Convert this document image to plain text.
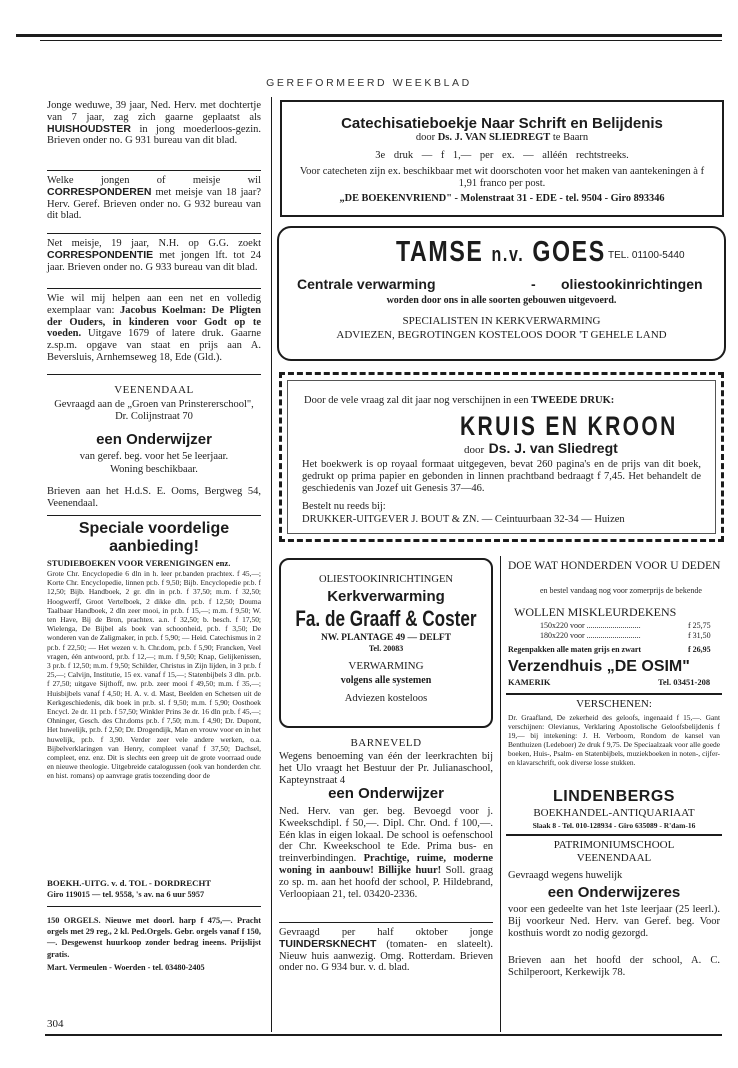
GEREFORMEERD WEEKBLAD
Jonge weduwe, 39 jaar, Ned. Herv. met dochtertje van 7 jaar, zag zich gaarne geplaatst als HUISHOUDSTER in jong moederloos-gezin. Brieven onder no. G 931 bureau van dit blad.
Welke jongen of meisje wil CORRESPONDEREN met meisje van 18 jaar? Herv. Geref. Brieven onder no. G 932 bureau van dit blad.
Net meisje, 19 jaar, N.H. op G.G. zoekt CORRESPONDENTIE met jongen lft. tot 24 jaar. Brieven onder no. G 933 bureau van dit blad.
Wie wil mij helpen aan een net en volledig exemplaar van: Jacobus Koelman: De Pligten der Ouders, in kinderen voor Godt op te voeden. Uitgave 1679 of latere druk. Gaarne z.sp.m. opgave van staat en prijs aan A. Beversluis, Arnhemseweg 18, Ede (Gld.).
VEENENDAAL
Gevraagd aan de „Groen van Prinstererschool", Dr. Colijnstraat 70
een Onderwijzer
van geref. beg. voor het 5e leerjaar.
Woning beschikbaar.
Brieven aan het H.d.S. E. Ooms, Bergweg 54, Veenendaal.
Speciale voordelige
aanbieding!
STUDIEBOEKEN VOOR VERENIGINGEN enz.
Grote Chr. Encyclopedie 6 dln in h. leer pr.banden prachtex. f 45,—; Korte Chr. Encyclopedie, linnen pr.b. f 9,50; Bijb. Encyclopedie pr.b. f 12,50; Bijb. Handboek, 2 gr. dln in pr.b. f 37,50; m.m. f 32,50; Hoogwerff, Groot Vertelboek, 2 dikke dln. pr.b. f 12,50; Douma Taalbaar Handboek, 2 dln zeer mooi, in pr.b. f 15,—; m.m. f 9,50; W. ten Have, Bij de Bron, prachtex. a.n. f 32,50; b. besch. f 17,50; Wielenga, De Bijbel als boek van schoonheid, pr.b. f 3,50; De wonderen van de Zaligmaker, in pr.b. f 5,90; — Heid. Catechismus in 2 pr.b. f 22,50; — Het wezen v. h. Chr.dom, pr.b. f 5,90; Francken, Veel vragen, één antwoord, pr.b. f 12,—; m.m. f 9,50; Knap, Gelijkenissen, 3 pr.b. f 12,50; m.m. f 9,50; Schilder, Christus in Zijn lijden, in 3 pr.b. f 25,—; Calvijn, Institutie, 15 ex. vanaf f 15,—; Statenbijbels 3 dln. pr.b. f 27,50; uitgave Sijthoff, nw. pr.b. zeer mooi f 49,50; m.m. f 35,—; Huisbijbels vanaf f 4,50; H. A. v. d. Mast, Beelden en Schetsen uit de Kerkgeschiedenis, dik boek in pr.b. sl. f 9,50; m.m. f 5,90; Oosthoek Encycl. 2e dr. 11 pr.b. f 57,50; Winkler Prins 3e dr. 16 dln pr.b. f 45,—; Ohninger, Gesch. des Chr.doms pr.b. f 7,50; m.m. f 4,90; Dr. Dupont, Het huwelijk, pr.b. f 2,50; Dr. Drogendijk, Man en vrouw voor en in het huwelijk, pr.b. f 3,90. Verder zeer vele andere werken, o.a. Bijbelverklaringen van Henry, compleet vanaf f 37,50; Dachsel, compleet, enz. enz. Dit is slechts een greep uit de grote voorraad oude en nieuwe theologie. Uitgebreide catalogussen (ook van honderden chr. en hist. romans) op aanvrage gratis toezending door de
BOEKH.-UITG. v. d. TOL - DORDRECHT
Giro 119015 — tel. 9558, 's av. na 6 uur 5957
150 ORGELS. Nieuwe met doorl. harp f 475,—. Pracht orgels met 29 reg., 2 kl. Ped.Orgels. Gebr. orgels vanaf f 150,—. Desgewenst huurkoop zonder bedrag ineens. Prijslijst gratis.
Mart. Vermeulen - Woerden - tel. 03480-2405
304
Catechisatieboekje Naar Schrift en Belijdenis
door Ds. J. VAN SLIEDREGT te Baarn
3e druk — f 1,— per ex. — alléén rechtstreeks.
Voor catecheten zijn ex. beschikbaar met wit doorschoten voor het maken van aantekeningen à f 1,91 franco per post.
„DE BOEKENVRIEND" - Molenstraat 31 - EDE - tel. 9504 - Giro 893346
TAMSE n.v. GOES TEL. 01100-5440
Centrale verwarming	- oliestookinrichtingen
worden door ons in alle soorten gebouwen uitgevoerd.
SPECIALISTEN IN KERKVERWARMING
ADVIEZEN, BEGROTINGEN KOSTELOOS DOOR 'T GEHELE LAND
Door de vele vraag zal dit jaar nog verschijnen in een TWEEDE DRUK:
KRUIS EN KROON
door Ds. J. van Sliedregt
Het boekwerk is op royaal formaat uitgegeven, bevat 260 pagina's en de prijs van dit boek, gedrukt op prima papier en gebonden in linnen prachtband bedraagt f 7,45. Het behandelt de geschiedenis van Jozef uit Genesis 37—46.
Bestelt nu reeds bij:
DRUKKER-UITGEVER J. BOUT & ZN. — Ceintuurbaan 32-34 — Huizen
OLIESTOOKINRICHTINGEN
Kerkverwarming
Fa. de Graaff & Coster
NW. PLANTAGE 49 — DELFT
Tel. 20083
VERWARMING
volgens alle systemen
Adviezen kosteloos
BARNEVELD
Wegens benoeming van één der leerkrachten bij het Ulo vraagt het Bestuur der Pr. Julianaschool, Kapteynstraat 4
een Onderwijzer
Ned. Herv. van ger. beg. Bevoegd voor j. Kweekschdipl. f 50,—. Dipl. Chr. Ond. f 100,—. Eén klas in eigen lokaal. De school is oefenschool der Chr. Kweekschool te Ede. Prima bus- en treinverbindingen. Prachtige, ruime, moderne woning in aanbouw! Billijke huur! Soll. graag zo sp. m. aan het hoofd der school, P. Hildebrand, Verloopiaan 21, tel. 03420-2336.
Gevraagd per half oktober jonge TUINDERSKNECHT (tomaten- en slateelt). Nieuw huis aanwezig. Omg. Rotterdam. Brieven onder no. G 934 bur. v. d. blad.
DOE WAT HONDERDEN VOOR U DEDEN
en bestel vandaag nog voor zomerprijs de bekende
WOLLEN MISKLEURDEKENS
150x220 voor ...........................	f 25,75
180x220 voor ...........................	f 31,50
Regenpakken alle maten grijs en zwart	f 26,95
Verzendhuis „DE OSIM"
KAMERIK	Tel. 03451-208
VERSCHENEN:
Dr. Graafland, De zekerheid des geloofs, ingenaaid f 15,—. Gant verschijnen: Olevianus, Verklaring Apostolische Geloofsbelijdenis f 19,— bij intekening: J. H. Verboom, Rondom de kansel van Benthuizen (Ledeboer) 2e druk f 9,75. De Speciaalzaak voor alle goede boeken, Huis-, Psalm- en Statenbijbels, muziekboeken in noten-, cijfer- en klavarschrift, ook diverse losse stukken.
LINDENBERGS
BOEKHANDEL-ANTIQUARIAAT
Slaak 8 - Tel. 010-128934 - Giro 635089 - R'dam-16
PATRIMONIUMSCHOOL
VEENENDAAL
Gevraagd wegens huwelijk
een Onderwijzeres
voor een gedeelte van het 1ste leerjaar (25 leerl.). Bij voorkeur Ned. Herv. van Geref. beg. Voor kosthuis wordt zo nodig gezorgd.
Brieven aan het hoofd der school, A. C. Schilperoort, Kerkewijk 78.
